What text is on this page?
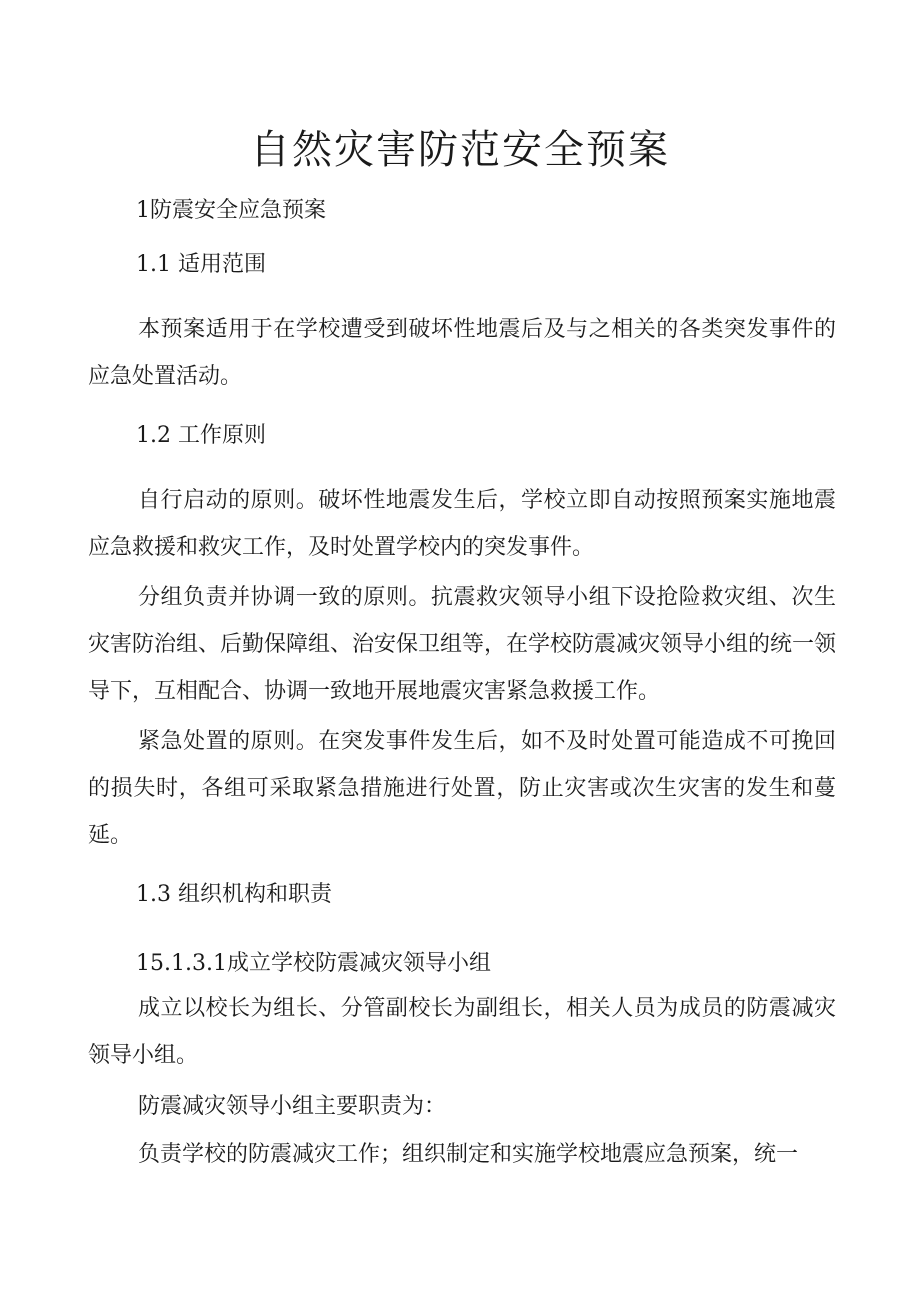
自然灾害防范安全预案
1防震安全应急预案
1.1 适用范围
本预案适用于在学校遭受到破坏性地震后及与之相关的各类突发事件的应急处置活动。
1.2 工作原则
自行启动的原则。破坏性地震发生后，学校立即自动按照预案实施地震应急救援和救灾工作，及时处置学校内的突发事件。
分组负责并协调一致的原则。抗震救灾领导小组下设抢险救灾组、次生灾害防治组、后勤保障组、治安保卫组等，在学校防震减灾领导小组的统一领导下，互相配合、协调一致地开展地震灾害紧急救援工作。
紧急处置的原则。在突发事件发生后，如不及时处置可能造成不可挽回的损失时，各组可采取紧急措施进行处置，防止灾害或次生灾害的发生和蔓延。
1.3 组织机构和职责
15.1.3.1成立学校防震减灾领导小组
成立以校长为组长、分管副校长为副组长，相关人员为成员的防震减灾领导小组。
防震减灾领导小组主要职责为：
负责学校的防震减灾工作；组织制定和实施学校地震应急预案，统一
